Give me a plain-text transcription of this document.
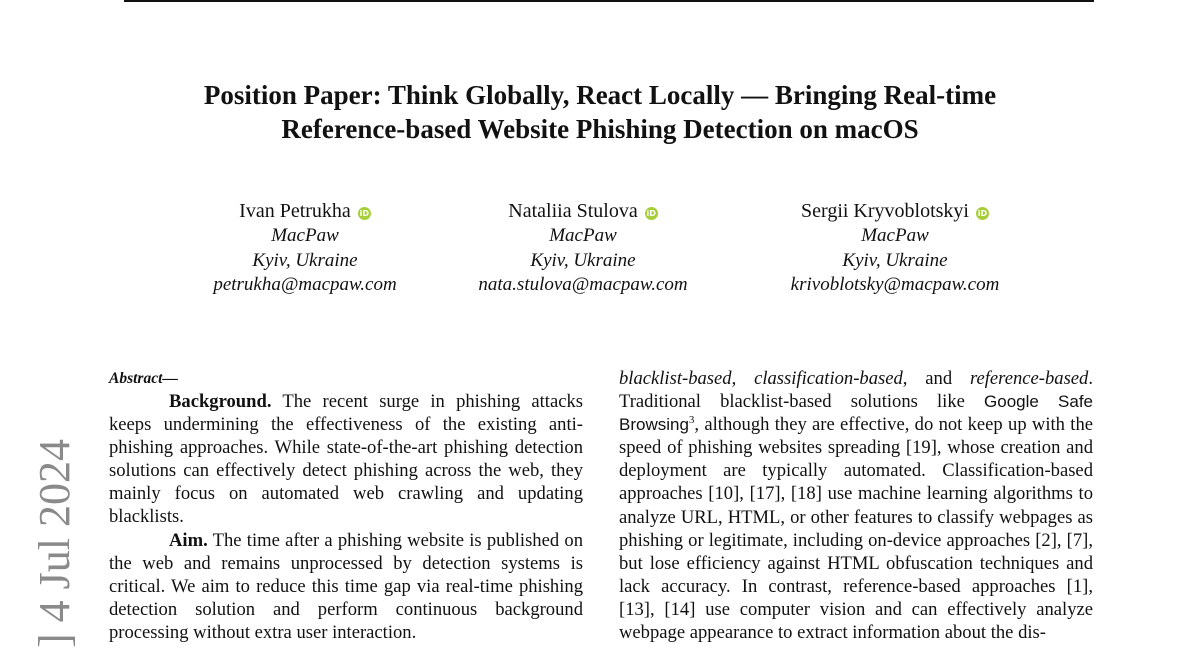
] 4 Jul 2024
Position Paper: Think Globally, React Locally — Bringing Real-time
Reference-based Website Phishing Detection on macOS
Ivan Petrukha iD
MacPaw
Kyiv, Ukraine
petrukha@macpaw.com
Nataliia Stulova iD
MacPaw
Kyiv, Ukraine
nata.stulova@macpaw.com
Sergii Kryvoblotskyi iD
MacPaw
Kyiv, Ukraine
krivoblotsky@macpaw.com
Abstract—

Background. The recent surge in phishing attacks keeps undermining the effectiveness of the existing anti-phishing approaches. While state-of-the-art phishing detection solutions can effectively detect phishing across the web, they mainly focus on automated web crawling and updating blacklists.

Aim. The time after a phishing website is published on the web and remains unprocessed by detection systems is critical. We aim to reduce this time gap via real-time phishing detection solution and perform continuous background processing without extra user interaction.

blacklist-based, classification-based, and reference-based. Traditional blacklist-based solutions like Google Safe Browsing$^3$, although they are effective, do not keep up with the speed of phishing websites spreading [19], whose creation and deployment are typically automated. Classification-based approaches [10], [17], [18] use machine learning algorithms to analyze URL, HTML, or other features to classify webpages as phishing or legitimate, including on-device approaches [2], [7], but lose efficiency against HTML obfuscation techniques and lack accuracy. In contrast, reference-based approaches [1], [13], [14] use computer vision and can effectively analyze webpage appearance to extract information about the dis-
